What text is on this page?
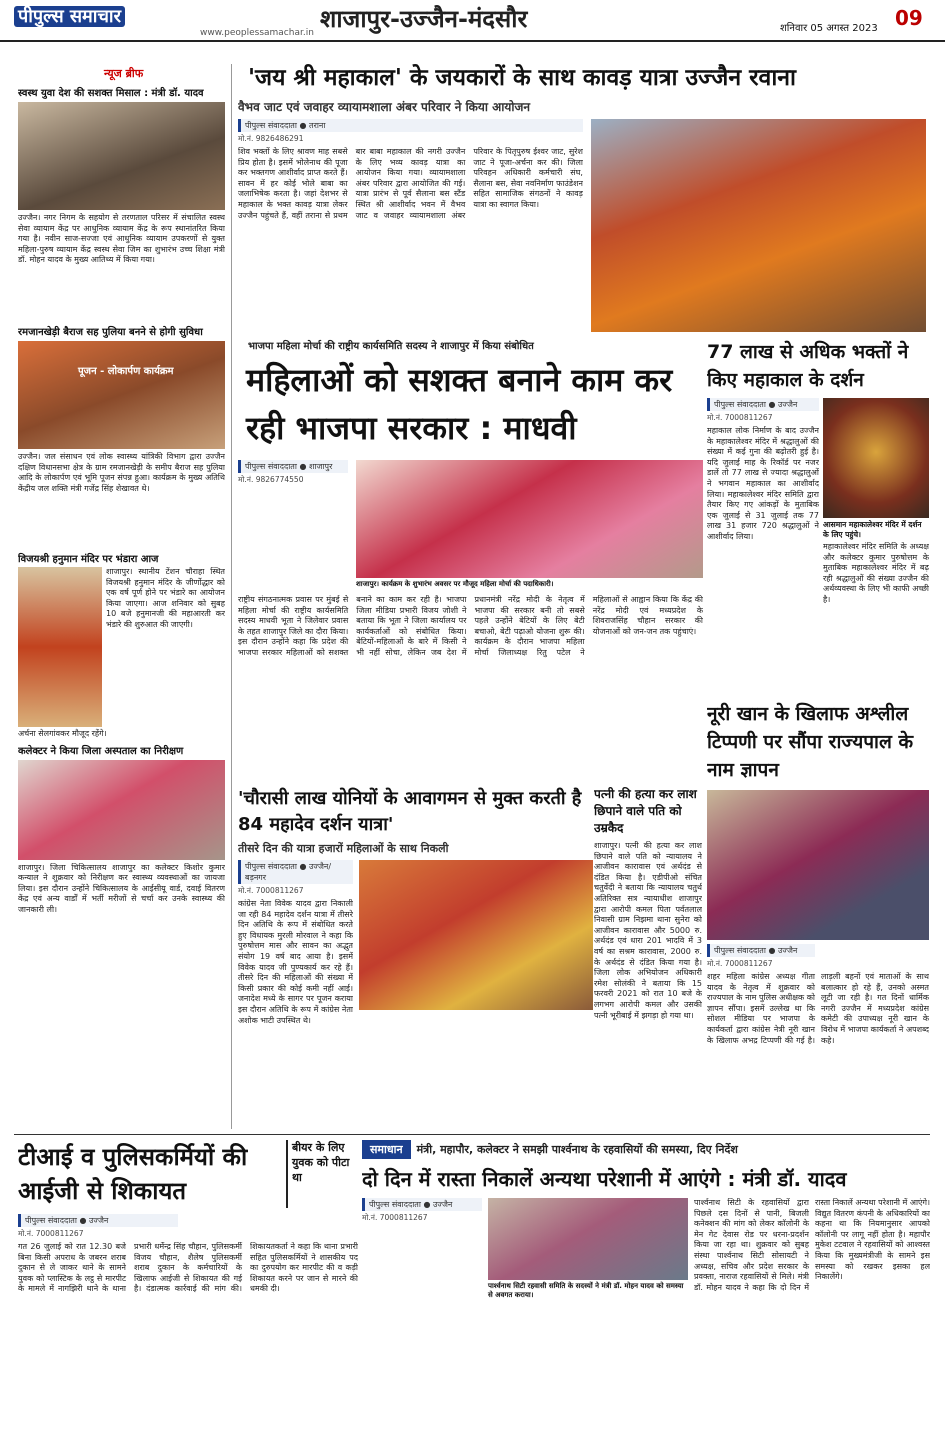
पीपुल्स समाचार
www.peoplessamachar.in शाजापुर-उज्जैन-मंदसौर	शनिवार 05 अगस्त 2023 09
न्यूज ब्रीफ
स्वस्थ युवा देश की सशक्त मिसाल : मंत्री डॉ. यादव
उज्जैन। नगर निगम के सहयोग से तरणताल परिसर में संचालित स्वस्थ सेवा व्यायाम केंद्र पर आधुनिक व्यायाम केंद्र के रूप स्थानांतरित किया गया है। नवीन साज-सज्जा एवं आधुनिक व्यायाम उपकरणों से युक्त महिला-पुरुष व्यायाम केंद्र स्वस्थ सेवा जिम का शुभारंभ उच्च शिक्षा मंत्री डॉ. मोहन यादव के मुख्य आतिथ्य में किया गया।
रमजानखेड़ी बैराज सह पुलिया बनने से होगी सुविधा
पूजन - लोकार्पण कार्यक्रम
उज्जैन। जल संसाधन एवं लोक स्वास्थ्य यांत्रिकी विभाग द्वारा उज्जैन दक्षिण विधानसभा क्षेत्र के ग्राम रमजानखेड़ी के समीप बैराज सह पुलिया आदि के लोकार्पण एवं भूमि पूजन संपन्न हुआ। कार्यक्रम के मुख्य अतिथि केंद्रीय जल शक्ति मंत्री गजेंद्र सिंह शेखावत थे।
विजयश्री हनुमान मंदिर पर भंडारा आज
शाजापुर। स्थानीय टेंशन चौराहा स्थित विजयश्री हनुमान मंदिर के जीर्णोद्धार को एक वर्ष पूर्ण होने पर भंडारे का आयोजन किया जाएगा। आज शनिवार को सुबह 10 बजे हनुमानजी की महाआरती कर भंडारे की शुरुआत की जाएगी।
अर्चना सेलगांवकर मौजूद रहेंगे।
कलेक्टर ने किया जिला अस्पताल का निरीक्षण
शाजापुर। जिला चिकित्सालय शाजापुर का कलेक्टर किशोर कुमार कन्याल ने शुक्रवार को निरीक्षण कर स्वास्थ्य व्यवस्थाओं का जायजा लिया। इस दौरान उन्होंने चिकित्सालय के आईसीयू वार्ड, दवाई वितरण केंद्र एवं अन्य वार्डों में भर्ती मरीजों से चर्चा कर उनके स्वास्थ्य की जानकारी ली।
'जय श्री महाकाल' के जयकारों के साथ कावड़ यात्रा उज्जैन रवाना
वैभव जाट एवं जवाहर व्यायामशाला अंबर परिवार ने किया आयोजन
पीपुल्स संवाददाता ● तराना
मो.नं. 9826486291
शिव भक्तों के लिए श्रावण माह सबसे प्रिय होता है। इसमें भोलेनाथ की पूजा कर भक्तगण आशीर्वाद प्राप्त करते हैं। सावन में हर कोई भोले बाबा का जलाभिषेक करता है। जहां देशभर से महाकाल के भक्त कावड़ यात्रा लेकर उज्जैन पहुंचते हैं, वहीं तराना से प्रथम बार बाबा महाकाल की नगरी उज्जैन के लिए भव्य कावड़ यात्रा का आयोजन किया गया। व्यायामशाला अंबर परिवार द्वारा आयोजित की गई। यात्रा प्रारंभ से पूर्व सैलाना बस स्टैंड स्थित श्री आशीर्वाद भवन में वैभव जाट व जवाहर व्यायामशाला अंबर परिवार के पितृपुरुष ईश्वर जाट, सुरेश जाट ने पूजा-अर्चना कर की। जिला परिवहन अधिकारी कर्मचारी संघ, सैलाना बस, सेवा नवनिर्माण फाउंडेशन सहित सामाजिक संगठनों ने कावड़ यात्रा का स्वागत किया।
भाजपा महिला मोर्चा की राष्ट्रीय कार्यसमिति सदस्य ने शाजापुर में किया संबोधित
महिलाओं को सशक्त बनाने काम कर रही भाजपा सरकार : माधवी
पीपुल्स संवाददाता ● शाजापुर
मो.नं. 9826774550
शाजापुर। कार्यक्रम के शुभारंभ अवसर पर मौजूद महिला मोर्चा की पदाधिकारी।
राष्ट्रीय संगठनात्मक प्रवास पर मुंबई से महिला मोर्चा की राष्ट्रीय कार्यसमिति सदस्य माधवी भूता ने जिलेवार प्रवास के तहत शाजापुर जिले का दौरा किया। इस दौरान उन्होंने कहा कि प्रदेश की भाजपा सरकार महिलाओं को सशक्त बनाने का काम कर रही है। भाजपा जिला मीडिया प्रभारी विजय जोशी ने बताया कि भूता ने जिला कार्यालय पर कार्यकर्ताओं को संबोधित किया। बेटियों-महिलाओं के बारे में किसी ने भी नहीं सोचा, लेकिन जब देश में प्रधानमंत्री नरेंद्र मोदी के नेतृत्व में भाजपा की सरकार बनी तो सबसे पहले उन्होंने बेटियों के लिए बेटी बचाओ, बेटी पढ़ाओ योजना शुरू की। कार्यक्रम के दौरान भाजपा महिला मोर्चा जिलाध्यक्ष रितु पटेल ने महिलाओं से आह्वान किया कि केंद्र की नरेंद्र मोदी एवं मध्यप्रदेश के शिवराजसिंह चौहान सरकार की योजनाओं को जन-जन तक पहुंचाएं।
77 लाख से अधिक भक्तों ने किए महाकाल के दर्शन
पीपुल्स संवाददाता ● उज्जैन
मो.नं. 7000811267
महाकाल लोक निर्माण के बाद उज्जैन के महाकालेश्वर मंदिर में श्रद्धालुओं की संख्या में कई गुना की बढ़ोतरी हुई है। यदि जुलाई माह के रिकॉर्ड पर नजर डालें तो 77 लाख से ज्यादा श्रद्धालुओं ने भगवान महाकाल का आशीर्वाद लिया। महाकालेश्वर मंदिर समिति द्वारा तैयार किए गए आंकड़ों के मुताबिक एक जुलाई से 31 जुलाई तक 77 लाख 31 हजार 720 श्रद्धालुओं ने आशीर्वाद लिया।
आसमान महाकालेश्वर मंदिर में दर्शन के लिए पहुंचे।
महाकालेश्वर मंदिर समिति के अध्यक्ष और कलेक्टर कुमार पुरुषोत्तम के मुताबिक महाकालेश्वर मंदिर में बढ़ रही श्रद्धालुओं की संख्या उज्जैन की अर्थव्यवस्था के लिए भी काफी अच्छी है।
नूरी खान के खिलाफ अश्लील टिप्पणी पर सौंपा राज्यपाल के नाम ज्ञापन
पीपुल्स संवाददाता ● उज्जैन
मो.नं. 7000811267
शहर महिला कांग्रेस अध्यक्ष गीता यादव के नेतृत्व में शुक्रवार को राज्यपाल के नाम पुलिस अधीक्षक को ज्ञापन सौंपा। इसमें उल्लेख था कि सोशल मीडिया पर भाजपा के कार्यकर्ता द्वारा कांग्रेस नेत्री नूरी खान के खिलाफ अभद्र टिप्पणी की गई है। लाड़ली बहनों एवं माताओं के साथ बलात्कार हो रहे हैं, उनको अस्मत लूटी जा रही है। गत दिनों धार्मिक नगरी उज्जैन में मध्यप्रदेश कांग्रेस कमेटी की उपाध्यक्ष नूरी खान के विरोध में भाजपा कार्यकर्ता ने अपशब्द कहे।
'चौरासी लाख योनियों के आवागमन से मुक्त करती है 84 महादेव दर्शन यात्रा'
तीसरे दिन की यात्रा हजारों महिलाओं के साथ निकली
पीपुल्स संवाददाता ● उज्जैन/बड़नगर
मो.नं. 7000811267
कांग्रेस नेता विवेक यादव द्वारा निकाली जा रही 84 महादेव दर्शन यात्रा में तीसरे दिन अतिथि के रूप में संबोधित करते हुए विधायक मुरली मोरवाल ने कहा कि पुरुषोत्तम मास और सावन का अद्भुत संयोग 19 वर्ष बाद आया है। इसमें विवेक यादव जी पुण्यकार्य कर रहे हैं। तीसरे दिन की महिलाओं की संख्या में किसी प्रकार की कोई कमी नहीं आई। जनादेश मध्ये के सागर पर पूजन कराया इस दौरान अतिथि के रूप में कांग्रेस नेता अशोक भाटी उपस्थित थे।
पत्नी की हत्या कर लाश छिपाने वाले पति को उम्रकैद
शाजापुर। पत्नी की हत्या कर लाश छिपाने वाले पति को न्यायालय ने आजीवन कारावास एवं अर्थदंड से दंडित किया है। एडीपीओ संचित चतुर्वेदी ने बताया कि न्यायालय चतुर्थ अतिरिक्त सत्र न्यायाधीश शाजापुर द्वारा आरोपी कमल पिता पर्वतलाल निवासी ग्राम निझमा थाना सुनेरा को आजीवन कारावास और 5000 रु. अर्थदंड एवं धारा 201 भादवि में 3 वर्ष का सश्रम कारावास, 2000 रु. के अर्थदंड से दंडित किया गया है। जिला लोक अभियोजन अधिकारी रमेश सोलंकी ने बताया कि 15 फरवरी 2021 को रात 10 बजे के लगभग आरोपी कमल और उसकी पत्नी भूरीबाई में झगड़ा हो गया था।
टीआई व पुलिसकर्मियों की आईजी से शिकायत
बीयर के लिए युवक को पीटा था
पीपुल्स संवाददाता ● उज्जैन
मो.नं. 7000811267
गत 26 जुलाई को रात 12.30 बजे बिना किसी अपराध के जबरन शराब दुकान से ले जाकर थाने के सामने युवक को प्लास्टिक के लट्ठ से मारपीट के मामले में नागझिरी थाने के थाना प्रभारी धर्मेन्द्र सिंह चौहान, पुलिसकर्मी विजय चौहान, शैलेष पुलिसकर्मी शराब दुकान के कर्मचारियों के खिलाफ आईजी से शिकायत की गई है। दंडात्मक कार्रवाई की मांग की। शिकायतकर्ता ने कहा कि थाना प्रभारी सहित पुलिसकर्मियों ने शासकीय पद का दुरुपयोग कर मारपीट की व कड़ी शिकायत करने पर जान से मारने की धमकी दी।
समाधान	मंत्री, महापौर, कलेक्टर ने समझी पार्श्वनाथ के रहवासियों की समस्या, दिए निर्देश
दो दिन में रास्ता निकालें अन्यथा परेशानी में आएंगे : मंत्री डॉ. यादव
पीपुल्स संवाददाता ● उज्जैन
मो.नं. 7000811267
पार्श्वनाथ सिटी रहवासी समिति के सदस्यों ने मंत्री डॉ. मोहन यादव को समस्या से अवगत कराया।
पार्श्वनाथ सिटी के रहवासियों द्वारा पिछले दस दिनों से पानी, बिजली कनेक्शन की मांग को लेकर कॉलोनी के मेन गेट देवास रोड पर धरना-प्रदर्शन किया जा रहा था। शुक्रवार को सुबह संस्था पार्श्वनाथ सिटी सोसायटी ने अध्यक्ष, सचिव और प्रदेश सरकार के प्रवक्ता, नाराज रहवासियों से मिले। मंत्री डॉ. मोहन यादव ने कहा कि दो दिन में रास्ता निकालें अन्यथा परेशानी में आएंगे। विद्युत वितरण कंपनी के अधिकारियों का कहना था कि नियमानुसार आपको कॉलोनी पर लागू नहीं होता है। महापौर मुकेश टटवाल ने रहवासियों को आश्वस्त किया कि मुख्यमंत्रीजी के सामने इस समस्या को रखकर इसका हल निकालेंगे।
